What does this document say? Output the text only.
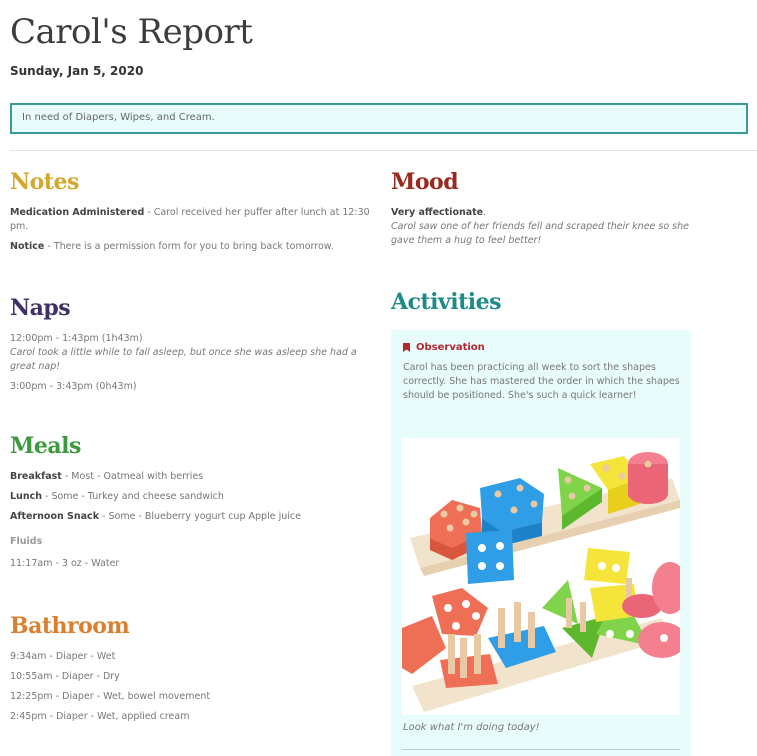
Carol's Report
Sunday, Jan 5, 2020
In need of Diapers, Wipes, and Cream.
Notes
Medication Administered - Carol received her puffer after lunch at 12:30 pm.
Notice - There is a permission form for you to bring back tomorrow.
Naps
12:00pm - 1:43pm (1h43m)
Carol took a little while to fall asleep, but once she was asleep she had a great nap!
3:00pm - 3:43pm (0h43m)
Meals
Breakfast - Most - Oatmeal with berries
Lunch - Some - Turkey and cheese sandwich
Afternoon Snack - Some - Blueberry yogurt cup Apple juice
Fluids
11:17am - 3 oz - Water
Bathroom
9:34am - Diaper - Wet
10:55am - Diaper - Dry
12:25pm - Diaper - Wet, bowel movement
2:45pm - Diaper - Wet, applied cream
Mood
Very affectionate.
Carol saw one of her friends fell and scraped their knee so she gave them a hug to feel better!
Activities
Observation

Carol has been practicing all week to sort the shapes correctly. She has mastered the order in which the shapes should be positioned. She's such a quick learner!

Look what I'm doing today!
